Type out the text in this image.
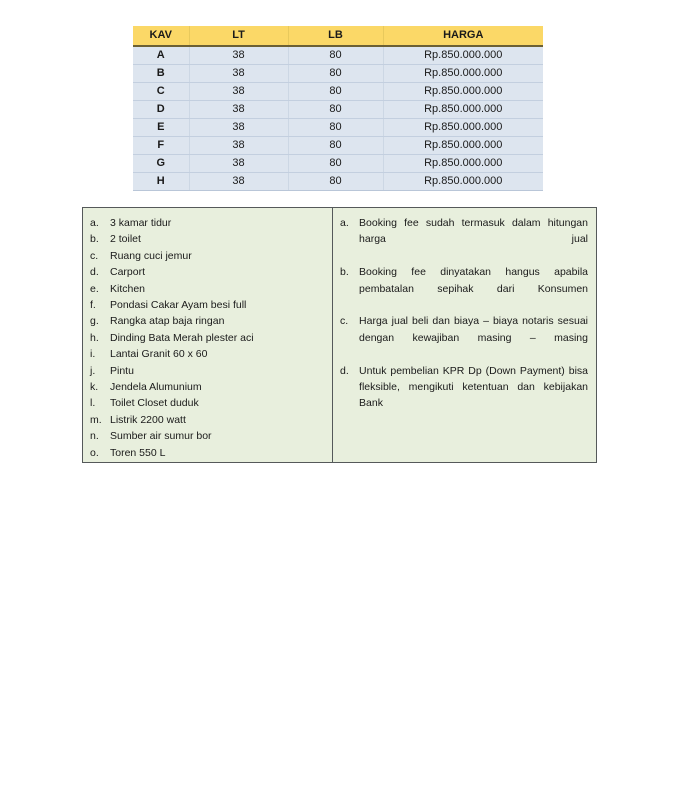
KAV	LT	LB	HARGA
A	38	80	Rp.850.000.000
B	38	80	Rp.850.000.000
C	38	80	Rp.850.000.000
D	38	80	Rp.850.000.000
E	38	80	Rp.850.000.000
F	38	80	Rp.850.000.000
G	38	80	Rp.850.000.000
H	38	80	Rp.850.000.000
a.	3 kamar tidur
b.	2 toilet
c.	Ruang cuci jemur
d.	Carport
e.	Kitchen
f.	Pondasi Cakar Ayam besi full
g.	Rangka atap baja ringan
h.	Dinding Bata Merah plester aci
i.	Lantai Granit 60 x 60
j.	Pintu
k.	Jendela Alumunium
l.	Toilet Closet duduk
m. Listrik 2200 watt
n.	Sumber air sumur bor
o.	Toren 550 L
a. Booking fee sudah termasuk dalam hitungan harga jual
b. Booking fee dinyatakan hangus apabila pembatalan sepihak dari Konsumen
c.	Harga jual beli dan biaya – biaya notaris sesuai dengan kewajiban masing – masing
d. Untuk pembelian KPR Dp (Down Payment) bisa fleksible, mengikuti ketentuan dan kebijakan Bank
